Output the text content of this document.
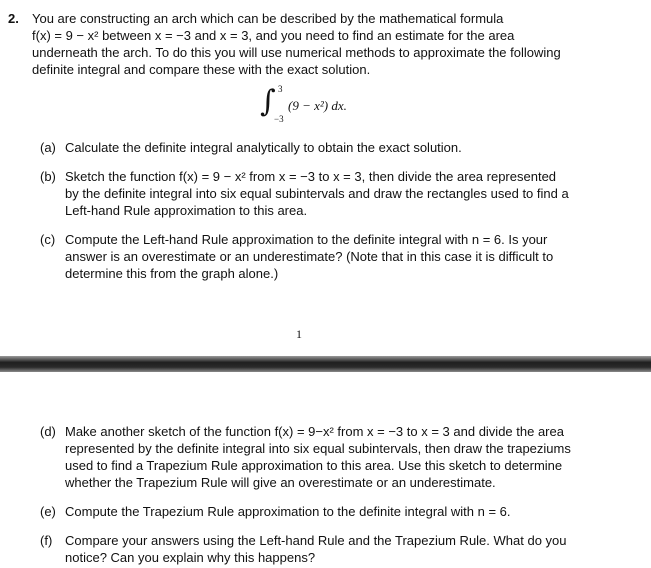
2. You are constructing an arch which can be described by the mathematical formula
f(x) = 9 − x² between x = −3 and x = 3, and you need to find an estimate for the area
underneath the arch. To do this you will use numerical methods to approximate the following
definite integral and compare these with the exact solution.
∫ 3
−3
(9 − x²) dx.
(a) Calculate the definite integral analytically to obtain the exact solution.
(b) Sketch the function f(x) = 9 − x² from x = −3 to x = 3, then divide the area represented
by the definite integral into six equal subintervals and draw the rectangles used to find a
Left-hand Rule approximation to this area.
(c) Compute the Left-hand Rule approximation to the definite integral with n = 6. Is your
answer is an overestimate or an underestimate? (Note that in this case it is difficult to
determine this from the graph alone.)
1
(d) Make another sketch of the function f(x) = 9−x² from x = −3 to x = 3 and divide the area
represented by the definite integral into six equal subintervals, then draw the trapeziums
used to find a Trapezium Rule approximation to this area. Use this sketch to determine
whether the Trapezium Rule will give an overestimate or an underestimate.
(e) Compute the Trapezium Rule approximation to the definite integral with n = 6.
(f) Compare your answers using the Left-hand Rule and the Trapezium Rule. What do you
notice? Can you explain why this happens?
